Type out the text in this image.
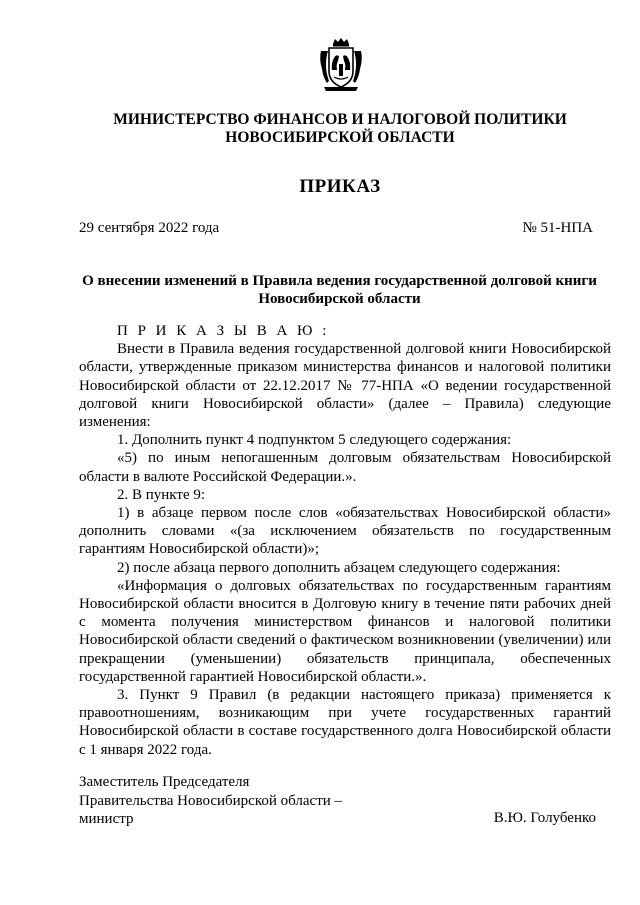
МИНИСТЕРСТВО ФИНАНСОВ И НАЛОГОВОЙ ПОЛИТИКИ
НОВОСИБИРСКОЙ ОБЛАСТИ
ПРИКАЗ
29 сентября 2022 года	№ 51-НПА
О внесении изменений в Правила ведения государственной долговой книги
Новосибирской области

П Р И К А З Ы В А Ю :

Внести в Правила ведения государственной долговой книги Новосибирской области, утвержденные приказом министерства финансов и налоговой политики Новосибирской области от 22.12.2017 № 77-НПА «О ведении государственной долговой книги Новосибирской области» (далее – Правила) следующие изменения:

1. Дополнить пункт 4 подпунктом 5 следующего содержания:

«5) по иным непогашенным долговым обязательствам Новосибирской области в валюте Российской Федерации.».

2. В пункте 9:

1) в абзаце первом после слов «обязательствах Новосибирской области» дополнить словами «(за исключением обязательств по государственным гарантиям Новосибирской области)»;

2) после абзаца первого дополнить абзацем следующего содержания:

«Информация о долговых обязательствах по государственным гарантиям Новосибирской области вносится в Долговую книгу в течение пяти рабочих дней с момента получения министерством финансов и налоговой политики Новосибирской области сведений о фактическом возникновении (увеличении) или прекращении (уменьшении) обязательств принципала, обеспеченных государственной гарантией Новосибирской области.».

3. Пункт 9 Правил (в редакции настоящего приказа) применяется к правоотношениям, возникающим при учете государственных гарантий Новосибирской области в составе государственного долга Новосибирской области с 1 января 2022 года.

Заместитель Председателя
Правительства Новосибирской области –
министр	В.Ю. Голубенко
